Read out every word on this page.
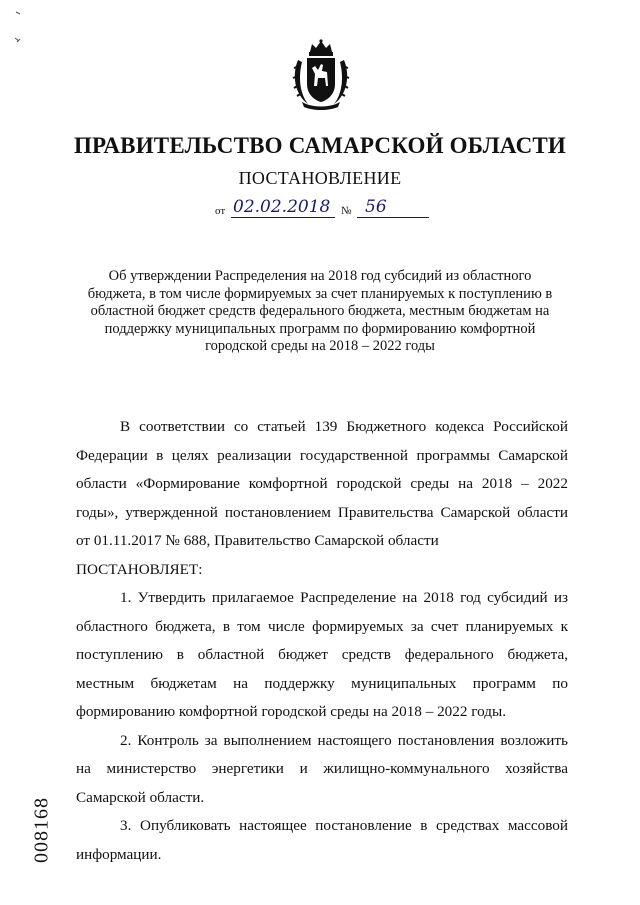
ПРАВИТЕЛЬСТВО САМАРСКОЙ ОБЛАСТИ
ПОСТАНОВЛЕНИЕ
от 02.02.2018 № 56
Об утверждении Распределения на 2018 год субсидий из областного бюджета, в том числе формируемых за счет планируемых к поступлению в областной бюджет средств федерального бюджета, местным бюджетам на поддержку муниципальных программ по формированию комфортной городской среды на 2018 – 2022 годы

В соответствии со статьей 139 Бюджетного кодекса Российской Федерации в целях реализации государственной программы Самарской области «Формирование комфортной городской среды на 2018 – 2022 годы», утвержденной постановлением Правительства Самарской области от 01.11.2017 № 688, Правительство Самарской области

ПОСТАНОВЛЯЕТ:

1. Утвердить прилагаемое Распределение на 2018 год субсидий из областного бюджета, в том числе формируемых за счет планируемых к поступлению в областной бюджет средств федерального бюджета, местным бюджетам на поддержку муниципальных программ по формированию комфортной городской среды на 2018 – 2022 годы.

2. Контроль за выполнением настоящего постановления возложить на министерство энергетики и жилищно-коммунального хозяйства Самарской области.

3. Опубликовать настоящее постановление в средствах массовой информации.

008168
